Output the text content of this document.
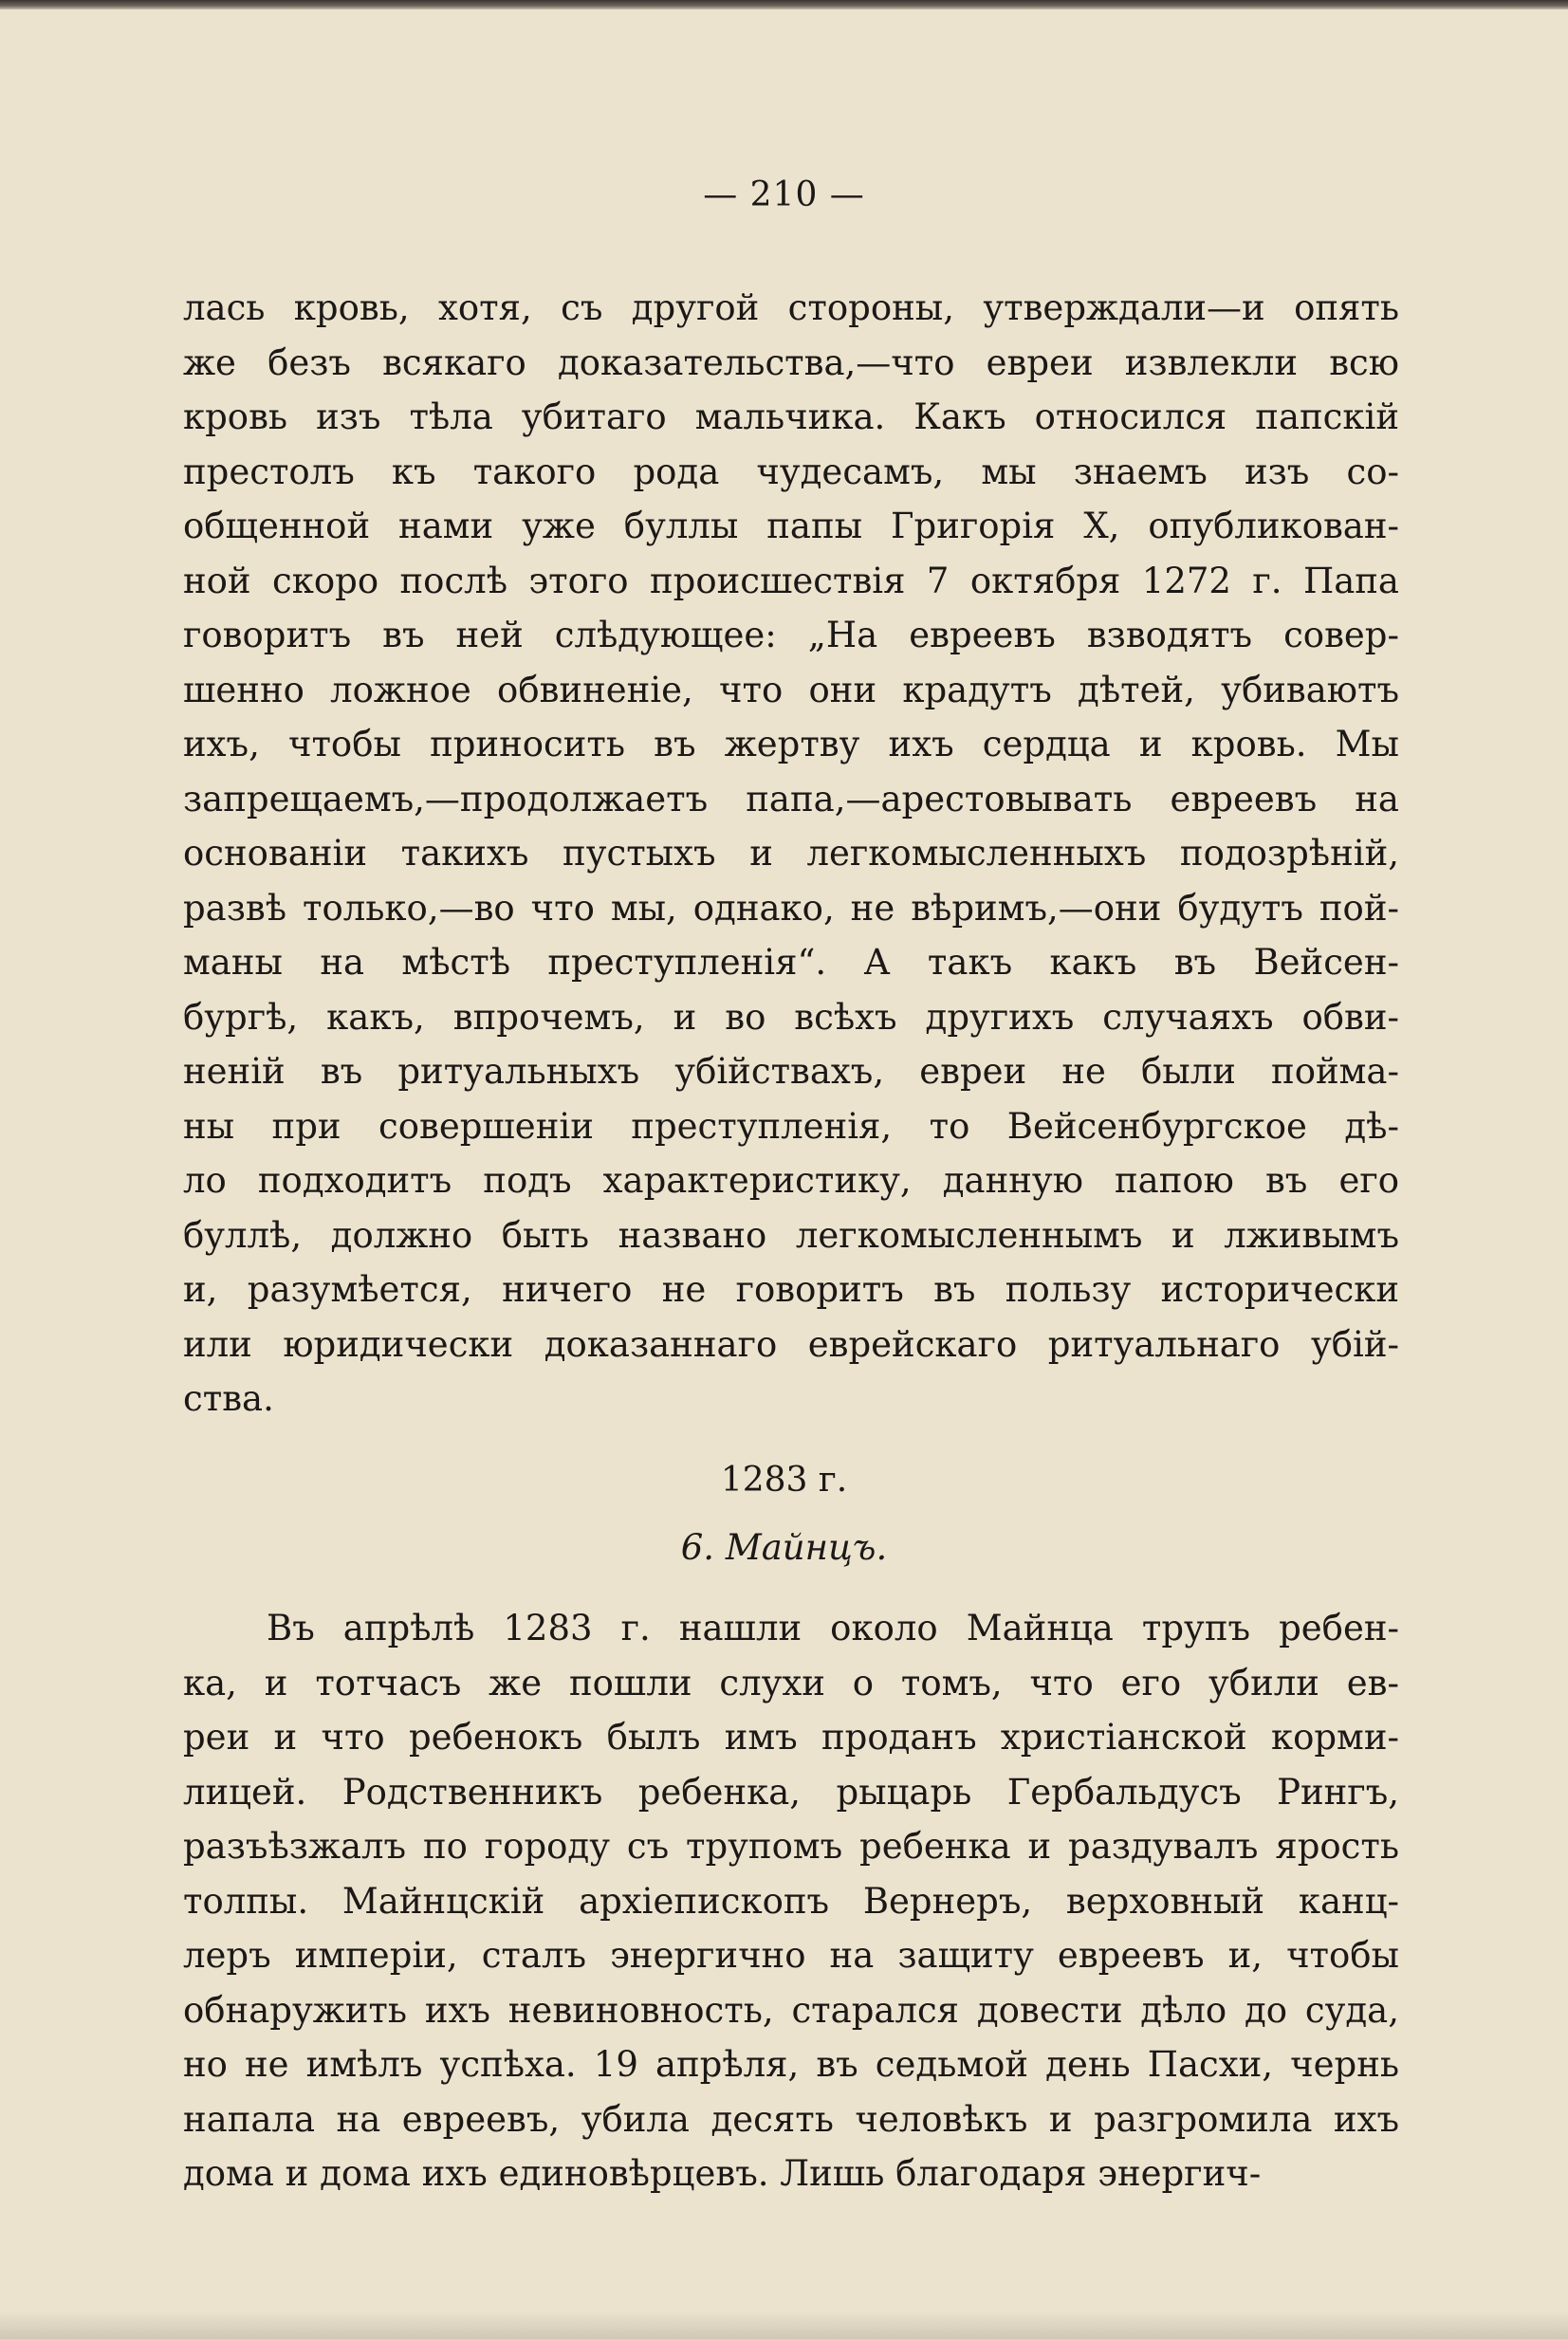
— 210 —
лась кровь, хотя, съ другой стороны, утверждали—и опять
же безъ всякаго доказательства,—что евреи извлекли всю
кровь изъ тѣла убитаго мальчика. Какъ относился папскій
престолъ къ такого рода чудесамъ, мы знаемъ изъ со-
общенной нами уже буллы папы Григорія X, опубликован-
ной скоро послѣ этого происшествія 7 октября 1272 г. Папа
говоритъ въ ней слѣдующее: „На евреевъ взводятъ совер-
шенно ложное обвиненіе, что они крадутъ дѣтей, убиваютъ
ихъ, чтобы приносить въ жертву ихъ сердца и кровь. Мы
запрещаемъ,—продолжаетъ папа,—арестовывать евреевъ на
основаніи такихъ пустыхъ и легкомысленныхъ подозрѣній,
развѣ только,—во что мы, однако, не вѣримъ,—они будутъ пой-
маны на мѣстѣ преступленія“. А такъ какъ въ Вейсен-
бургѣ, какъ, впрочемъ, и во всѣхъ другихъ случаяхъ обви-
неній въ ритуальныхъ убійствахъ, евреи не были пойма-
ны при совершеніи преступленія, то Вейсенбургское дѣ-
ло подходитъ подъ характеристику, данную папою въ его
буллѣ, должно быть названо легкомысленнымъ и лживымъ
и, разумѣется, ничего не говоритъ въ пользу исторически
или юридически доказаннаго еврейскаго ритуальнаго убій-
ства.
1283 г.
6. Майнцъ.
Въ апрѣлѣ 1283 г. нашли около Майнца трупъ ребен-
ка, и тотчасъ же пошли слухи о томъ, что его убили ев-
реи и что ребенокъ былъ имъ проданъ христіанской корми-
лицей. Родственникъ ребенка, рыцарь Гербальдусъ Рингъ,
разъѣзжалъ по городу съ трупомъ ребенка и раздувалъ ярость
толпы. Майнцскій архіепископъ Вернеръ, верховный канц-
леръ имперіи, сталъ энергично на защиту евреевъ и, чтобы
обнаружить ихъ невиновность, старался довести дѣло до суда,
но не имѣлъ успѣха. 19 апрѣля, въ седьмой день Пасхи, чернь
напала на евреевъ, убила десять человѣкъ и разгромила ихъ
дома и дома ихъ единовѣрцевъ. Лишь благодаря энергич-
